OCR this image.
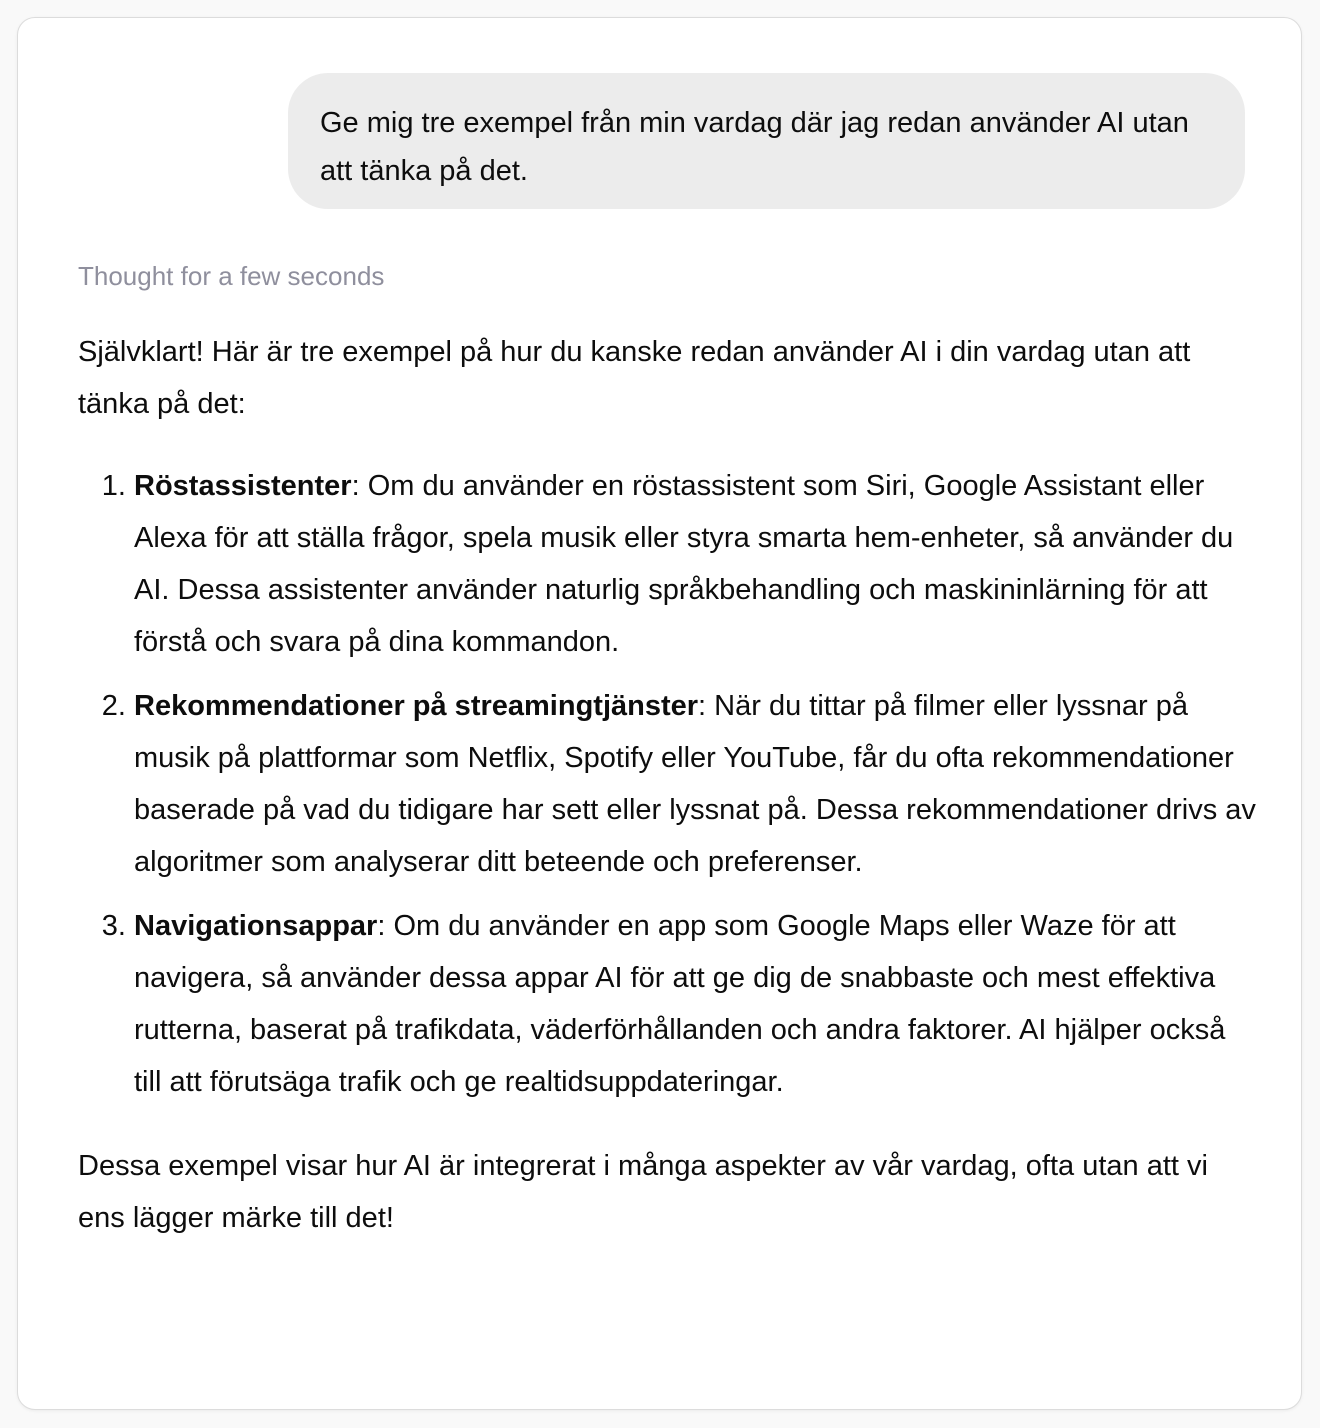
Ge mig tre exempel från min vardag där jag redan använder AI utan att tänka på det.
Thought for a few seconds

Självklart! Här är tre exempel på hur du kanske redan använder AI i din vardag utan att tänka på det:

1. Röstassistenter: Om du använder en röstassistent som Siri, Google Assistant eller Alexa för att ställa frågor, spela musik eller styra smarta hem-enheter, så använder du AI. Dessa assistenter använder naturlig språkbehandling och maskininlärning för att förstå och svara på dina kommandon.
2. Rekommendationer på streamingtjänster: När du tittar på filmer eller lyssnar på musik på plattformar som Netflix, Spotify eller YouTube, får du ofta rekommendationer baserade på vad du tidigare har sett eller lyssnat på. Dessa rekommendationer drivs av algoritmer som analyserar ditt beteende och preferenser.
3. Navigationsappar: Om du använder en app som Google Maps eller Waze för att navigera, så använder dessa appar AI för att ge dig de snabbaste och mest effektiva rutterna, baserat på trafikdata, väderförhållanden och andra faktorer. AI hjälper också till att förutsäga trafik och ge realtidsuppdateringar.

Dessa exempel visar hur AI är integrerat i många aspekter av vår vardag, ofta utan att vi ens lägger märke till det!
